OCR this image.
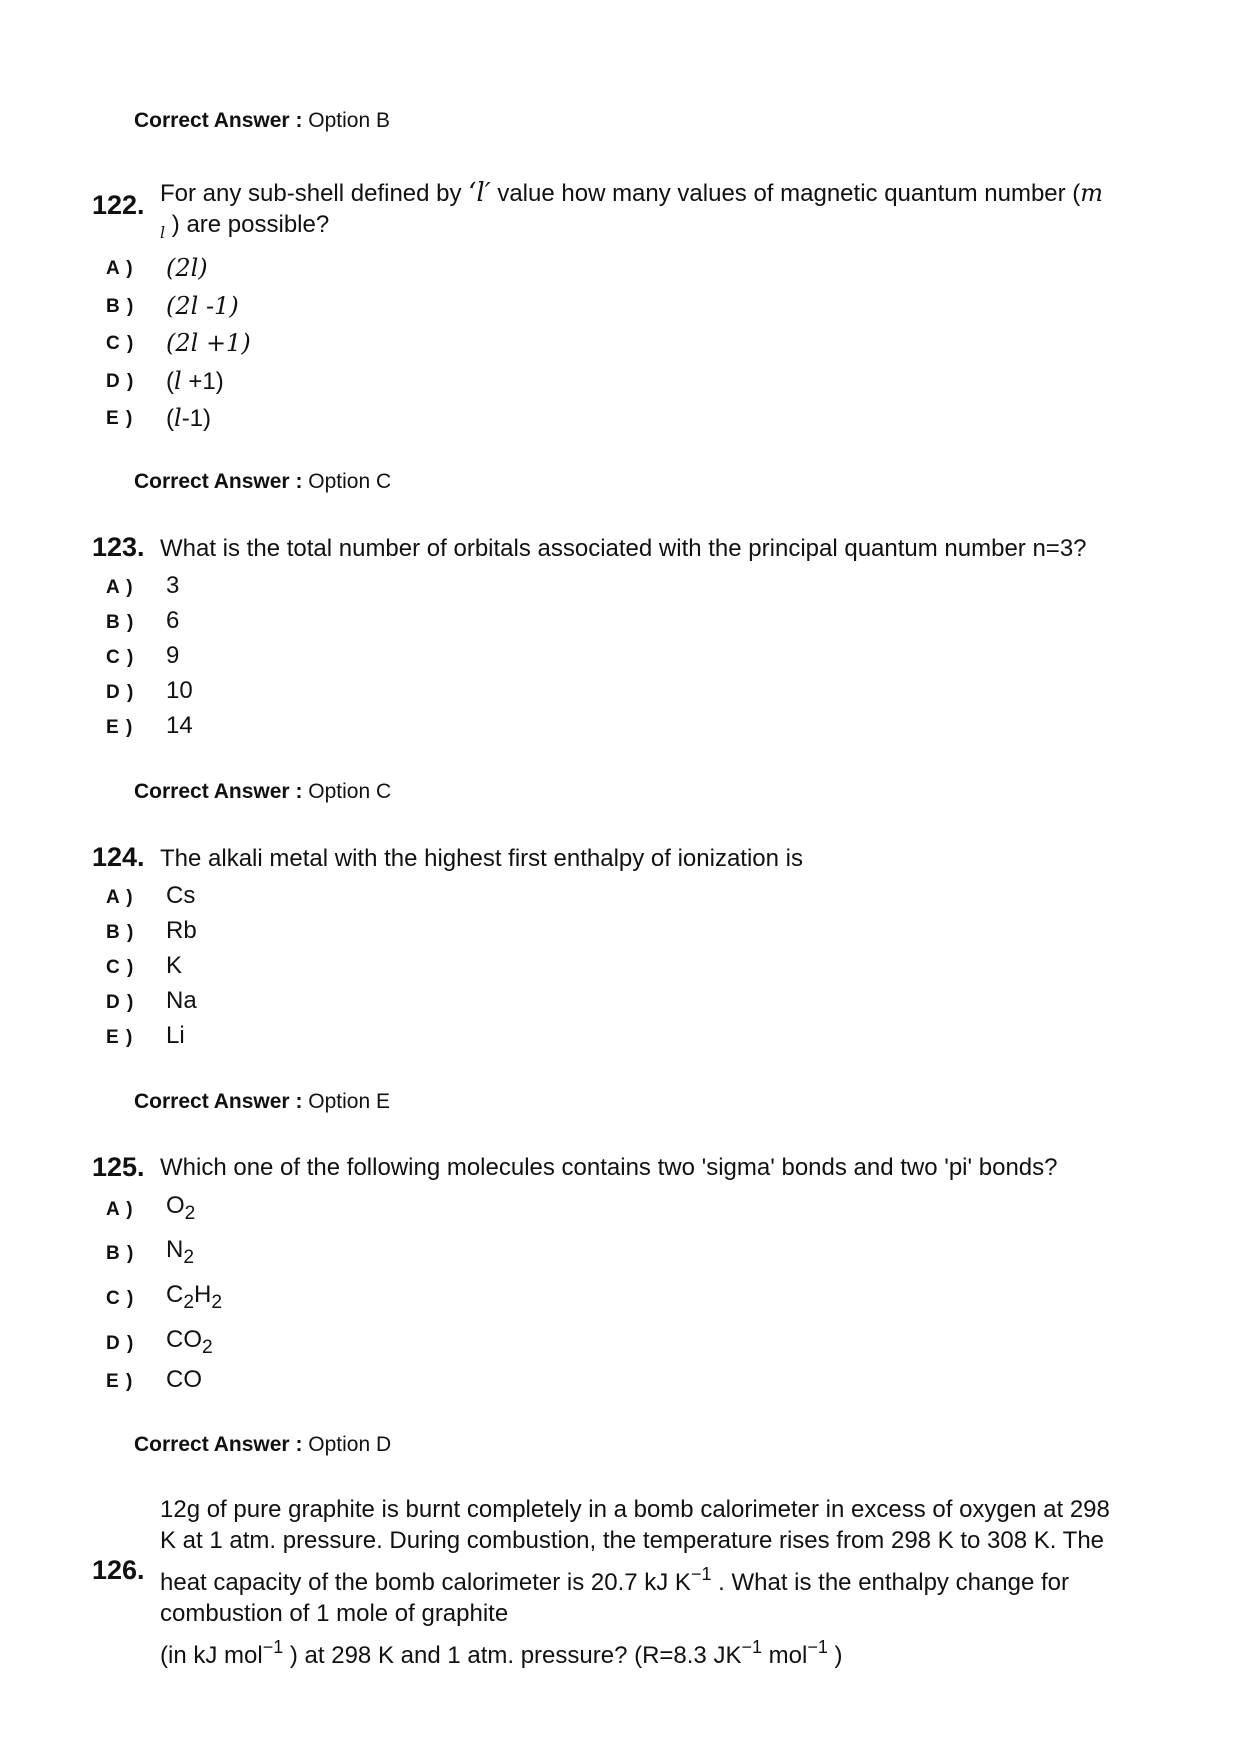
Correct Answer : Option B
122. For any sub-shell defined by ‘l′ value how many values of magnetic quantum number (m
$_l$ ) are possible?
A ) (2l)
B ) (2l -1)
C ) (2l +1)
D ) (l +1)
E ) (l-1)
Correct Answer : Option C
123. What is the total number of orbitals associated with the principal quantum number n=3?
A ) 3
B ) 6
C ) 9
D ) 10
E ) 14
Correct Answer : Option C
124. The alkali metal with the highest first enthalpy of ionization is
A ) Cs
B ) Rb
C ) K
D ) Na
E ) Li
Correct Answer : Option E
125. Which one of the following molecules contains two 'sigma' bonds and two 'pi' bonds?
A ) $O_2$
B ) $N_2$
C ) $C_2H_2$
D ) $CO_2$
E ) CO
Correct Answer : Option D
126.
12g of pure graphite is burnt completely in a bomb calorimeter in excess of oxygen at 298
K at 1 atm. pressure. During combustion, the temperature rises from 298 K to 308 K. The
heat capacity of the bomb calorimeter is 20.7 kJ $K^{-1}$ . What is the enthalpy change for
combustion of 1 mole of graphite
(in kJ mol$^{-1}$ ) at 298 K and 1 atm. pressure? (R=8.3 $JK^{-1}$ mol$^{-1}$ )
